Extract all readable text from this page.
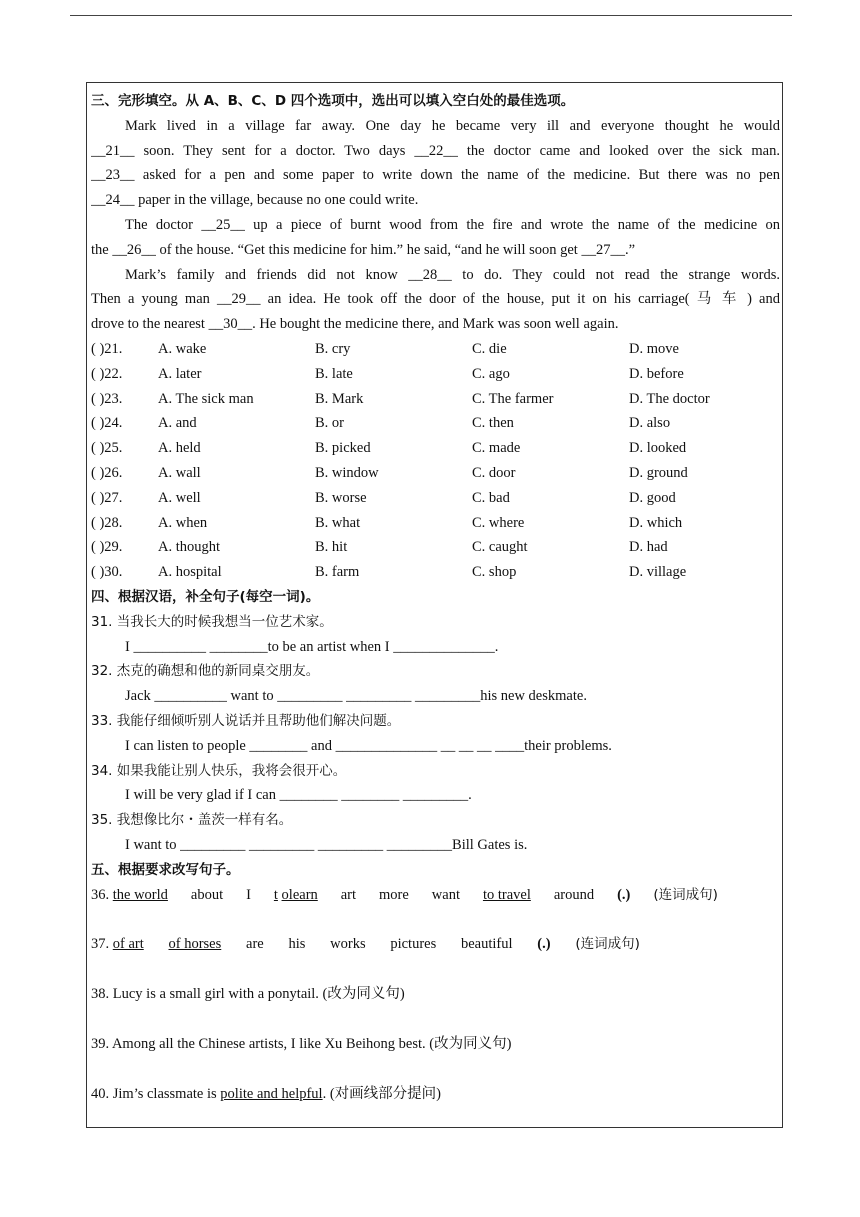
三、完形填空。从 A、B、C、D 四个选项中，选出可以填入空白处的最佳选项。
Mark lived in a village far away. One day he became very ill and everyone thought he would
__21__ soon. They sent for a doctor. Two days __22__ the doctor came and looked over the sick man.
__23__ asked for a pen and some paper to write down the name of the medicine. But there was no pen
__24__ paper in the village, because no one could write.
The doctor __25__ up a piece of burnt wood from the fire and wrote the name of the medicine on
the __26__ of the house. “Get this medicine for him.” he said, “and he will soon get __27__.”
Mark’s family and friends did not know __28__ to do. They could not read the strange words.
Then a young man __29__ an idea. He took off the door of the house, put it on his carriage( 马 车 ) and
drove to the nearest __30__. He bought the medicine there, and Mark was soon well again.
( )21.	A. wake	B. cry	C. die	D. move
( )22.	A. later	B. late	C. ago	D. before
( )23.	A. The sick man	B. Mark	C. The farmer	D. The doctor
( )24.	A. and	B. or	C. then	D. also
( )25.	A. held	B. picked	C. made	D. looked
( )26.	A. wall	B. window	C. door	D. ground
( )27.	A. well	B. worse	C. bad	D. good
( )28.	A. when	B. what	C. where	D. which
( )29.	A. thought	B. hit	C. caught	D. had
( )30.	A. hospital	B. farm	C. shop	D. village
四、根据汉语，补全句子(每空一词)。
31. 当我长大的时候我想当一位艺术家。
I __________ ________to be an artist when I ______________.
32. 杰克的确想和他的新同桌交朋友。
Jack __________ want to _________ _________ _________his new deskmate.
33. 我能仔细倾听别人说话并且帮助他们解决问题。
I can listen to people ________ and ______________ __ __ __ ____their problems.
34. 如果我能让别人快乐，我将会很开心。
I will be very glad if I can ________ ________ _________.
35. 我想像比尔・盖茨一样有名。
I want to _________ _________ _________ _________Bill Gates is.
五、根据要求改写句子。
36. the world about I t olearn art more want to travel around (.) (连词成句)
37. of art of horses are his works pictures beautiful (.) (连词成句)
38. Lucy is a small girl with a ponytail. (改为同义句)
39. Among all the Chinese artists, I like Xu Beihong best. (改为同义句)
40. Jim’s classmate is polite and helpful. (对画线部分提问)
